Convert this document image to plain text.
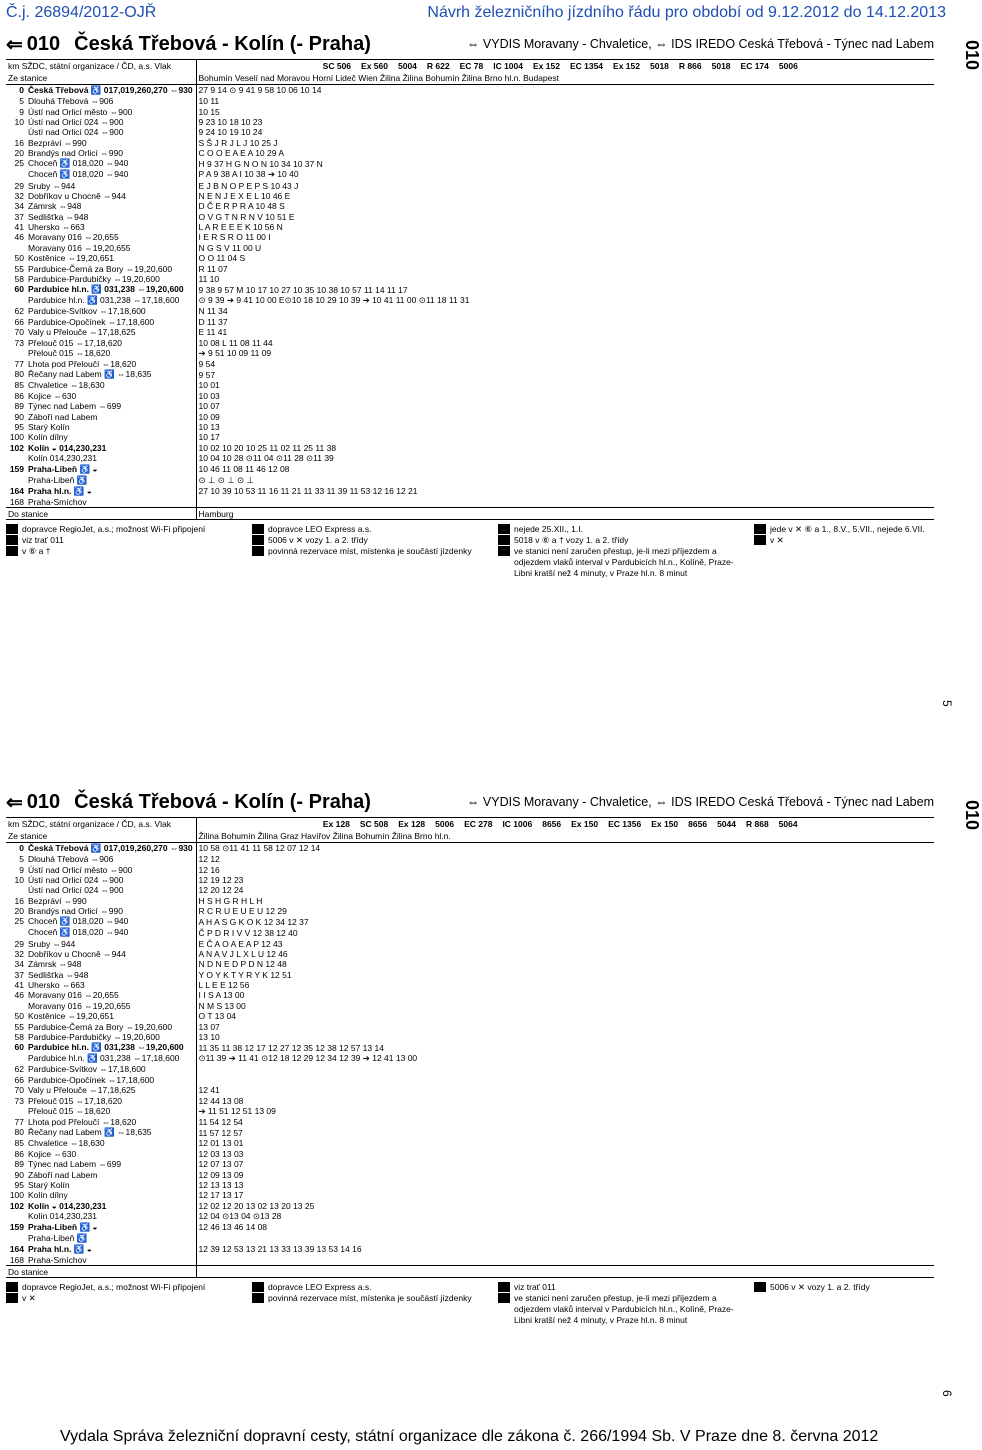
Č.j. 26894/2012-OJŘ	Návrh železničního jízdního řádu pro období od 9.12.2012 do 14.12.2013
⇐ 010 Česká Třebová - Kolín (- Praha)	⇔ VYDIS Moravany - Chvaletice, ⇔ IDS IREDO Ceská Třebová - Týnec nad Labem
km SŽDC, státní organizace / ČD, a.s. Vlak	SC 506 Ex 560 5004 R 622 EC 78 IC 1004 Ex 152 EC 1354 Ex 152 5018 R 866 5018 EC 174 5006
Ze stanice	Bohumín Veselí nad Moravou Horní Lideč Wien Žilina Žilina Bohumín Žilina Brno hl.n. Budapest
0 Česká Třebová ♿ 017,019,260,270 ⇔930	27 9 14 ⊙ 9 41 9 58 10 06 10 14
5 Dlouhá Třebová ⇔906	10 11
9 Ústí nad Orlicí město ⇔900	10 15
10 Ústí nad Orlicí 024 ⇔900	9 23 10 18 10 23
Ústí nad Orlicí 024 ⇔900	9 24 10 19 10 24
16 Bezpráví ⇔990	S Š J R J L J 10 25 J
20 Brandýs nad Orlicí ⇔990	C O O E A E A 10 29 A
25 Choceň ♿ 018,020 ⇔940	H 9 37 H G N O N 10 34 10 37 N
Choceň ♿ 018,020 ⇔940	P A 9 38 A I 10 38 ➔ 10 40
29 Sruby ⇔944	E J B N O P E P S 10 43 J
32 Dobříkov u Chocně ⇔944	N E N J E X E L 10 46 E
34 Zámrsk ⇔948	D Č E R P R A 10 48 S
37 Sedlišťka ⇔948	O V G T N R N V 10 51 E
41 Uhersko ⇔663	L A R E E E K 10 56 N
46 Moravany 016 ⇔20,655	I E R S R O 11 00 I
Moravany 016 ⇔19,20,655	N G S V 11 00 U
50 Kostěnice ⇔19,20,651	O O 11 04 S
55 Pardubice-Černá za Bory ⇔19,20,600	R 11 07
58 Pardubice-Pardubičky ⇔19,20,600	11 10
60 Pardubice hl.n. ♿ 031,238 ⇔19,20,600	9 38 9 57 M 10 17 10 27 10 35 10 38 10 57 11 14 11 17
Pardubice hl.n. ♿ 031,238 ⇔17,18,600	⊙ 9 39 ➔ 9 41 10 00 E⊙10 18 10 29 10 39 ➔ 10 41 11 00 ⊙11 18 11 31
62 Pardubice-Svítkov ⇔17,18,600	N 11 34
66 Pardubice-Opočínek ⇔17,18,600	D 11 37
70 Valy u Přelouče ⇔17,18,625	E 11 41
73 Přelouč 015 ⇔17,18,620	10 08 L 11 08 11 44
Přelouč 015 ⇔18,620	➔ 9 51 10 09 11 09
77 Lhota pod Přeloučí ⇔18,620	9 54
80 Řečany nad Labem ♿ ⇔18,635	9 57
85 Chvaletice ⇔18,630	10 01
86 Kojice ⇔630	10 03
89 Týnec nad Labem ⇔699	10 07
90 Záboří nad Labem	10 09
95 Starý Kolín	10 13
100 Kolín dílny	10 17
102 Kolín ◒ 014,230,231	10 02 10 20 10 25 11 02 11 25 11 38
Kolín 014,230,231	10 04 10 28 ⊙11 04 ⊙11 28 ⊙11 39
159 Praha-Libeň ♿ ◒	10 46 11 08 11 46 12 08
Praha-Libeň ♿	⊙ ⊥ ⊙ ⊥ ⊙ ⊥
164 Praha hl.n. ♿ ◒	27 10 39 10 53 11 16 11 21 11 33 11 39 11 53 12 16 12 21
168 Praha-Smíchov	
Do stanice	Hamburg
dopravce RegioJet, a.s.; možnost Wi-Fi připojení	dopravce LEO Express a.s.	nejede 25.XII., 1.I.	jede v ✕ ⑥ a 1., 8.V., 5.VII., nejede 6.VII.
viz trať 011	5006 v ✕ vozy 1. a 2. třídy	5018 v ⑥ a † vozy 1. a 2. třídy	v ✕
v ⑥ a †	povinná rezervace míst, místenka je součástí jízdenky	ve stanici není zaručen přestup, je-li mezi příjezdem a odjezdem vlaků interval v Pardubicích hl.n., Kolíně, Praze-Libni kratší než 4 minuty, v Praze hl.n. 8 minut
⇐ 010 Česká Třebová - Kolín (- Praha)	⇔ VYDIS Moravany - Chvaletice, ⇔ IDS IREDO Ceská Třebová - Týnec nad Labem
km SŽDC, státní organizace / ČD, a.s. Vlak	Ex 128 SC 508 Ex 128 5006 EC 278 IC 1006 8656 Ex 150 EC 1356 Ex 150 8656 5044 R 868 5064
Ze stanice	Žilina Bohumín Žilina Graz Havířov Žilina Bohumín Žilina Brno hl.n.
0 Česká Třebová ♿ 017,019,260,270 ⇔930	10 58 ⊙11 41 11 58 12 07 12 14
5 Dlouhá Třebová ⇔906	12 12
9 Ústí nad Orlicí město ⇔900	12 16
10 Ústí nad Orlicí 024 ⇔900	12 19 12 23
Ústí nad Orlicí 024 ⇔900	12 20 12 24
16 Bezpráví ⇔990	H S H G R H L H
20 Brandýs nad Orlicí ⇔990	R C R U E U E U 12 29
25 Choceň ♿ 018,020 ⇔940	A H A S G K O K 12 34 12 37
Choceň ♿ 018,020 ⇔940	Č P D R I V V 12 38 12 40
29 Sruby ⇔944	E Č A O A E A P 12 43
32 Dobříkov u Chocně ⇔944	A N A V J L X L U 12 46
34 Zámrsk ⇔948	N D N E D P D N 12 48
37 Sedlišťka ⇔948	Y O Y K T Y R Y K 12 51
41 Uhersko ⇔663	L L E E 12 56
46 Moravany 016 ⇔20,655	I I S A 13 00
Moravany 016 ⇔19,20,655	N M S 13 00
50 Kostěnice ⇔19,20,651	O T 13 04
55 Pardubice-Černá za Bory ⇔19,20,600	13 07
58 Pardubice-Pardubičky ⇔19,20,600	13 10
60 Pardubice hl.n. ♿ 031,238 ⇔19,20,600	11 35 11 38 12 17 12 27 12 35 12 38 12 57 13 14
Pardubice hl.n. ♿ 031,238 ⇔17,18,600	⊙11 39 ➔ 11 41 ⊙12 18 12 29 12 34 12 39 ➔ 12 41 13 00
62 Pardubice-Svítkov ⇔17,18,600	
66 Pardubice-Opočínek ⇔17,18,600	
70 Valy u Přelouče ⇔17,18,625	12 41
73 Přelouč 015 ⇔17,18,620	12 44 13 08
Přelouč 015 ⇔18,620	➔ 11 51 12 51 13 09
77 Lhota pod Přeloučí ⇔18,620	11 54 12 54
80 Řečany nad Labem ♿ ⇔18,635	11 57 12 57
85 Chvaletice ⇔18,630	12 01 13 01
86 Kojice ⇔630	12 03 13 03
89 Týnec nad Labem ⇔699	12 07 13 07
90 Záboří nad Labem	12 09 13 09
95 Starý Kolín	12 13 13 13
100 Kolín dílny	12 17 13 17
102 Kolín ◒ 014,230,231	12 02 12 20 13 02 13 20 13 25
Kolín 014,230,231	12 04 ⊙13 04 ⊙13 28
159 Praha-Libeň ♿ ◒	12 46 13 46 14 08
Praha-Libeň ♿	
164 Praha hl.n. ♿ ◒	12 39 12 53 13 21 13 33 13 39 13 53 14 16
168 Praha-Smíchov	
Do stanice	
dopravce RegioJet, a.s.; možnost Wi-Fi připojení	dopravce LEO Express a.s.	viz trať 011	5006 v ✕ vozy 1. a 2. třídy
v ✕	povinná rezervace míst, místenka je součástí jízdenky	ve stanici není zaručen přestup, je-li mezi příjezdem a odjezdem vlaků interval v Pardubicích hl.n., Kolíně, Praze-Libni kratší než 4 minuty, v Praze hl.n. 8 minut
010
010
5
6
Vydala Správa železniční dopravní cesty, státní organizace dle zákona č. 266/1994 Sb. V Praze dne 8. června 2012
